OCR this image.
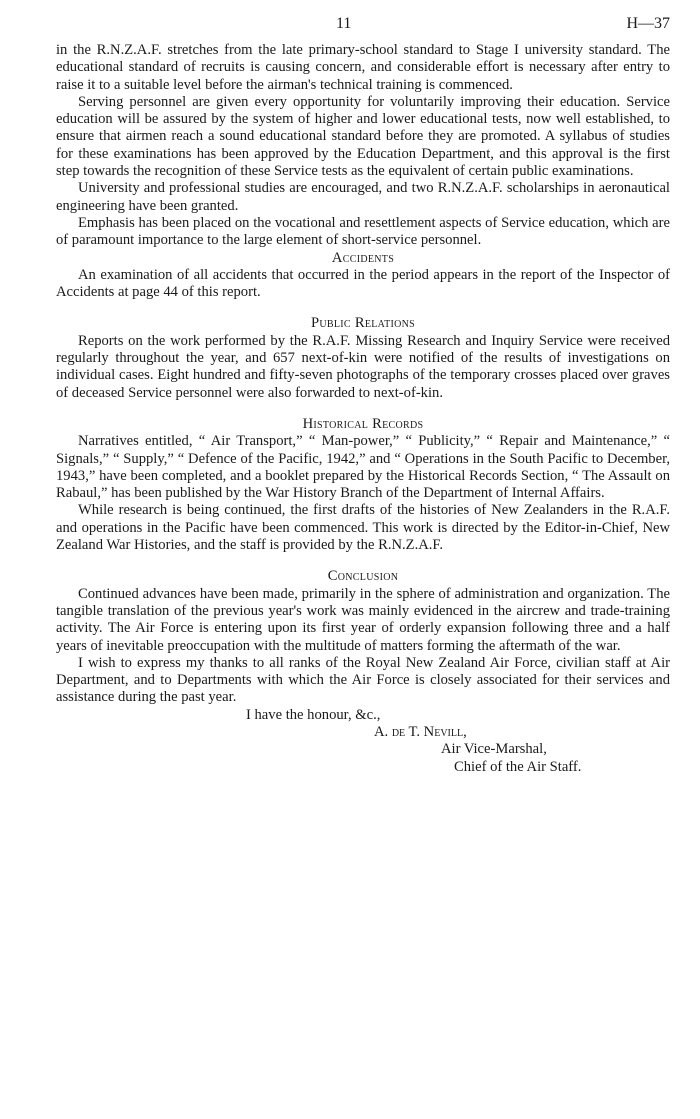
11	H—37

in the R.N.Z.A.F. stretches from the late primary-school standard to Stage I university standard. The educational standard of recruits is causing concern, and considerable effort is necessary after entry to raise it to a suitable level before the airman's technical training is commenced.

Serving personnel are given every opportunity for voluntarily improving their education. Service education will be assured by the system of higher and lower educational tests, now well established, to ensure that airmen reach a sound educational standard before they are promoted. A syllabus of studies for these examinations has been approved by the Education Department, and this approval is the first step towards the recognition of these Service tests as the equivalent of certain public examinations.

University and professional studies are encouraged, and two R.N.Z.A.F. scholarships in aeronautical engineering have been granted.

Emphasis has been placed on the vocational and resettlement aspects of Service education, which are of paramount importance to the large element of short-service personnel.

Accidents

An examination of all accidents that occurred in the period appears in the report of the Inspector of Accidents at page 44 of this report.

Public Relations

Reports on the work performed by the R.A.F. Missing Research and Inquiry Service were received regularly throughout the year, and 657 next-of-kin were notified of the results of investigations on individual cases. Eight hundred and fifty-seven photographs of the temporary crosses placed over graves of deceased Service personnel were also forwarded to next-of-kin.

Historical Records

Narratives entitled, “ Air Transport,” “ Man-power,” “ Publicity,” “ Repair and Maintenance,” “ Signals,” “ Supply,” “ Defence of the Pacific, 1942,” and “ Operations in the South Pacific to December, 1943,” have been completed, and a booklet prepared by the Historical Records Section, “ The Assault on Rabaul,” has been published by the War History Branch of the Department of Internal Affairs.

While research is being continued, the first drafts of the histories of New Zealanders in the R.A.F. and operations in the Pacific have been commenced. This work is directed by the Editor-in-Chief, New Zealand War Histories, and the staff is provided by the R.N.Z.A.F.

Conclusion

Continued advances have been made, primarily in the sphere of administration and organization. The tangible translation of the previous year's work was mainly evidenced in the aircrew and trade-training activity. The Air Force is entering upon its first year of orderly expansion following three and a half years of inevitable preoccupation with the multitude of matters forming the aftermath of the war.

I wish to express my thanks to all ranks of the Royal New Zealand Air Force, civilian staff at Air Department, and to Departments with which the Air Force is closely associated for their services and assistance during the past year.

I have the honour, &c.,
A. de T. Nevill,
Air Vice-Marshal,
Chief of the Air Staff.
